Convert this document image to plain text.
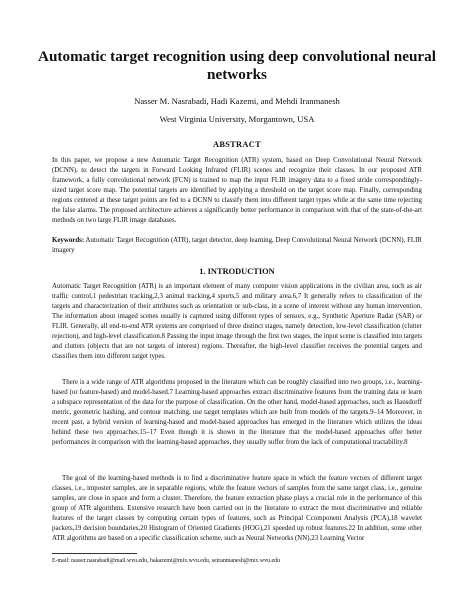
Automatic target recognition using deep convolutional neural networks
Nasser M. Nasrabadi, Hadi Kazemi, and Mehdi Iranmanesh
West Virginia University, Morgantown, USA
ABSTRACT

In this paper, we propose a new Automatic Target Recognition (ATR) system, based on Deep Convolutional Neural Network (DCNN), to detect the targets in Forward Looking Infrared (FLIR) scenes and recognize their classes. In our proposed ATR framework, a fully convolutional network (FCN) is trained to map the input FLIR imagery data to a fixed stride correspondingly-sized target score map. The potential targets are identified by applying a threshold on the target score map. Finally, corresponding regions centered at these target points are fed to a DCNN to classify them into different target types while at the same time rejecting the false alarms. The proposed architecture achieves a significantly better performance in comparison with that of the state-of-the-art methods on two large FLIR image databases.

Keywords: Automatic Target Recognition (ATR), target detector, deep learning, Deep Convolutional Neural Network (DCNN), FLIR imagery

1. INTRODUCTION

Automatic Target Recognition (ATR) is an important element of many computer vision applications in the civilian area, such as air traffic control,1 pedestrian tracking,2,3 animal tracking,4 sports,5 and military area.6,7 It generally refers to classification of the targets and characterization of their attributes such as orientation or sub-class, in a scene of interest without any human intervention. The information about imaged scenes usually is captured using different types of sensors, e.g., Synthetic Aperture Radar (SAR) or FLIR. Generally, all end-to-end ATR systems are comprised of three distinct stages, namely detection, low-level classification (clutter rejection), and high-level classification.8 Passing the input image through the first two stages, the input scene is classified into targets and clutters (objects that are not targets of interest) regions. Thereafter, the high-level classifier receives the potential targets and classifies them into different target types.

There is a wide range of ATR algorithms proposed in the literature which can be roughly classified into two groups, i.e., learning-based (or feature-based) and model-based.7 Learning-based approaches extract discriminative features from the training data or learn a subspace representation of the data for the purpose of classification. On the other hand, model-based approaches, such as Hausdorff metric, geometric hashing, and contour matching, use target templates which are built from models of the targets.9–14 Moreover, in recent past, a hybrid version of learning-based and model-based approaches has emerged in the literature which utilizes the ideas behind these two approaches.15–17 Even though it is shown in the literature that the model-based approaches offer better performances in comparison with the learning-based approaches, they usually suffer from the lack of computational tractability.8

The goal of the learning-based methods is to find a discriminative feature space in which the feature vectors of different target classes, i.e., imposter samples, are in separable regions, while the feature vectors of samples from the same target class, i.e., genuine samples, are close in space and form a cluster. Therefore, the feature extraction phase plays a crucial role in the performance of this group of ATR algorithms. Extensive research have been carried out in the literature to extract the most discriminative and reliable features of the target classes by computing certain types of features, such as Principal Ccomponent Analysis (PCA),18 wavelet packets,19 decision boundaries,20 Histogram of Oriented Gradients (HOG),21 speeded up robust features.22 In addition, some other ATR algorithms are based on a specific classification scheme, such as Neural Networks (NN),23 Learning Vector

E-mail: nasser.nasrabadi@mail.wvu.edu, hakazemi@mix.wvu.edu, seiranmanesh@mix.wvu.edu
